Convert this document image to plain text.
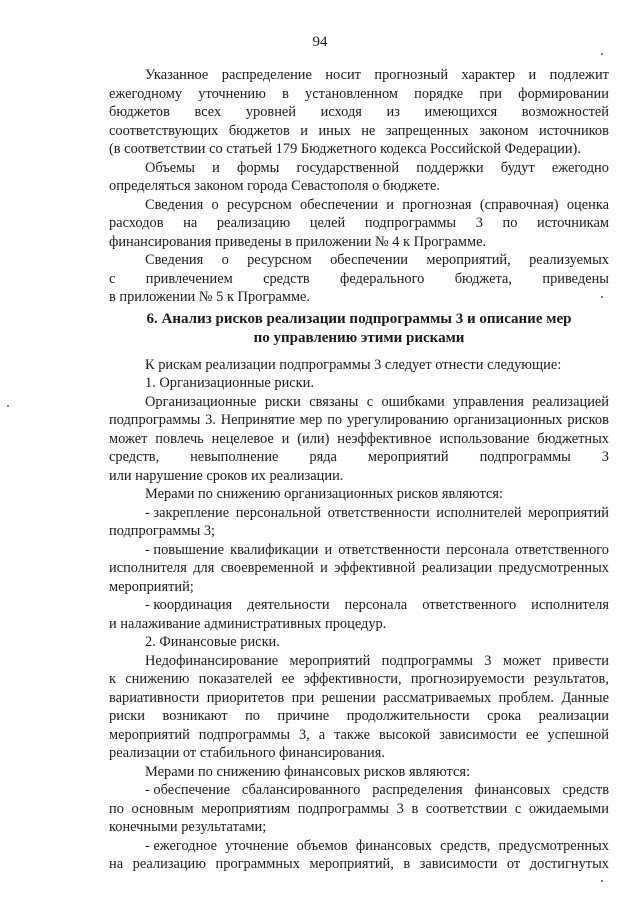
94
Указанное распределение носит прогнозный характер и подлежит
ежегодному уточнению в установленном порядке при формировании
бюджетов всех уровней исходя из имеющихся возможностей
соответствующих бюджетов и иных не запрещенных законом источников
(в соответствии со статьей 179 Бюджетного кодекса Российской Федерации).
Объемы и формы государственной поддержки будут ежегодно
определяться законом города Севастополя о бюджете.
Сведения о ресурсном обеспечении и прогнозная (справочная) оценка
расходов на реализацию целей подпрограммы 3 по источникам
финансирования приведены в приложении № 4 к Программе.
Сведения о ресурсном обеспечении мероприятий, реализуемых
с привлечением средств федерального бюджета, приведены
в приложении № 5 к Программе.
6. Анализ рисков реализации подпрограммы 3 и описание мер
по управлению этими рисками
К рискам реализации подпрограммы 3 следует отнести следующие:
1. Организационные риски.
Организационные риски связаны с ошибками управления реализацией
подпрограммы 3. Непринятие мер по урегулированию организационных рисков
может повлечь нецелевое и (или) неэффективное использование бюджетных
средств, невыполнение ряда мероприятий подпрограммы 3
или нарушение сроков их реализации.
Мерами по снижению организационных рисков являются:
- закрепление персональной ответственности исполнителей мероприятий
подпрограммы 3;
- повышение квалификации и ответственности персонала ответственного
исполнителя для своевременной и эффективной реализации предусмотренных
мероприятий;
- координация деятельности персонала ответственного исполнителя
и налаживание административных процедур.
2. Финансовые риски.
Недофинансирование мероприятий подпрограммы 3 может привести
к снижению показателей ее эффективности, прогнозируемости результатов,
вариативности приоритетов при решении рассматриваемых проблем. Данные
риски возникают по причине продолжительности срока реализации
мероприятий подпрограммы 3, а также высокой зависимости ее успешной
реализации от стабильного финансирования.
Мерами по снижению финансовых рисков являются:
- обеспечение сбалансированного распределения финансовых средств
по основным мероприятиям подпрограммы 3 в соответствии с ожидаемыми
конечными результатами;
- ежегодное уточнение объемов финансовых средств, предусмотренных
на реализацию программных мероприятий, в зависимости от достигнутых
